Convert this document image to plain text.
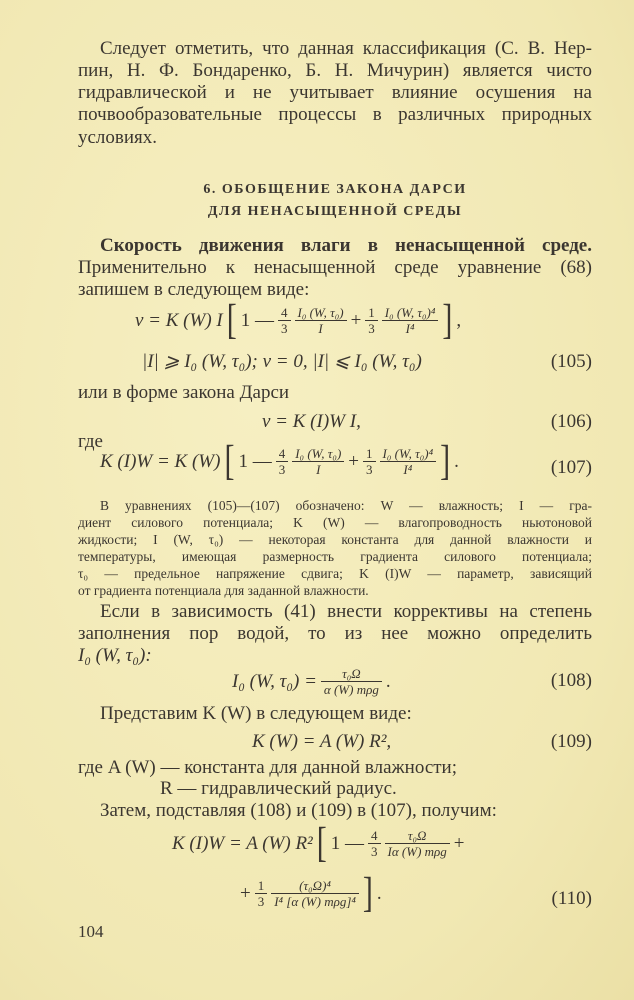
Следует отметить, что данная классификация (С. В. Нер-
пин, Н. Ф. Бондаренко, Б. Н. Мичурин) является чисто
гидравлической и не учитывает влияние осушения на
почвообразовательные процессы в различных природных
условиях.
6. ОБОБЩЕНИЕ ЗАКОНА ДАРСИ
ДЛЯ НЕНАСЫЩЕННОЙ СРЕДЫ
Скорость движения влаги в ненасыщенной среде.
Применительно к ненасыщенной среде уравнение (68)
запишем в следующем виде:
v = K (W) I [ 1 — $\frac{4}{3} \frac{\text{I₀ (W, τ₀)}}{I} + \frac{1}{3} \frac{\text{I₀ (W, τ₀)⁴}}{\text{I⁴}}$ ] ,
|I| ⩾ I₀ (W, τ₀); v = 0, |I| ⩽ I₀ (W, τ₀)	(105)
или в форме закона Дарси
v = K (I)W I,	(106)
где
K (I)W = K (W) [ 1 — $\frac{4}{3} \frac{\text{I₀ (W, τ₀)}}{I} + \frac{1}{3} \frac{\text{I₀ (W, τ₀)⁴}}{\text{I⁴}}$ ] .	(107)
В уравнениях (105)—(107) обозначено: W — влажность; I — гра-
диент силового потенциала; K (W) — влагопроводность ньютоновой
жидкости; I (W, τ₀) — некоторая константа для данной влажности и
температуры, имеющая размерность градиента силового потенциала;
τ₀ — предельное напряжение сдвига; K (I)W — параметр, зависящий
от градиента потенциала для заданной влажности.
Если в зависимость (41) внести коррективы на степень
заполнения пор водой, то из нее можно определить
I₀ (W, τ₀):
I₀ (W, $\tau_0) = \frac{\text{τ₀Ω}}{\text{α (W) mρg}}$ .	(108)
Представим K (W) в следующем виде:
K (W) = A (W) R²,	(109)
где A (W) — константа для данной влажности;
R — гидравлический радиус.
Затем, подставляя (108) и (109) в (107), получим:
K (I)W = A (W) R² [ 1 — $\frac{4}{3} \frac{\text{τ₀Ω}}{\text{Iα (W) mρg}}$ +
+ $\frac{1}{3} \frac{\text{(τ₀Ω)⁴}}{\text{I⁴ [α (W) mρg]⁴}}$ ] .	(110)
104
